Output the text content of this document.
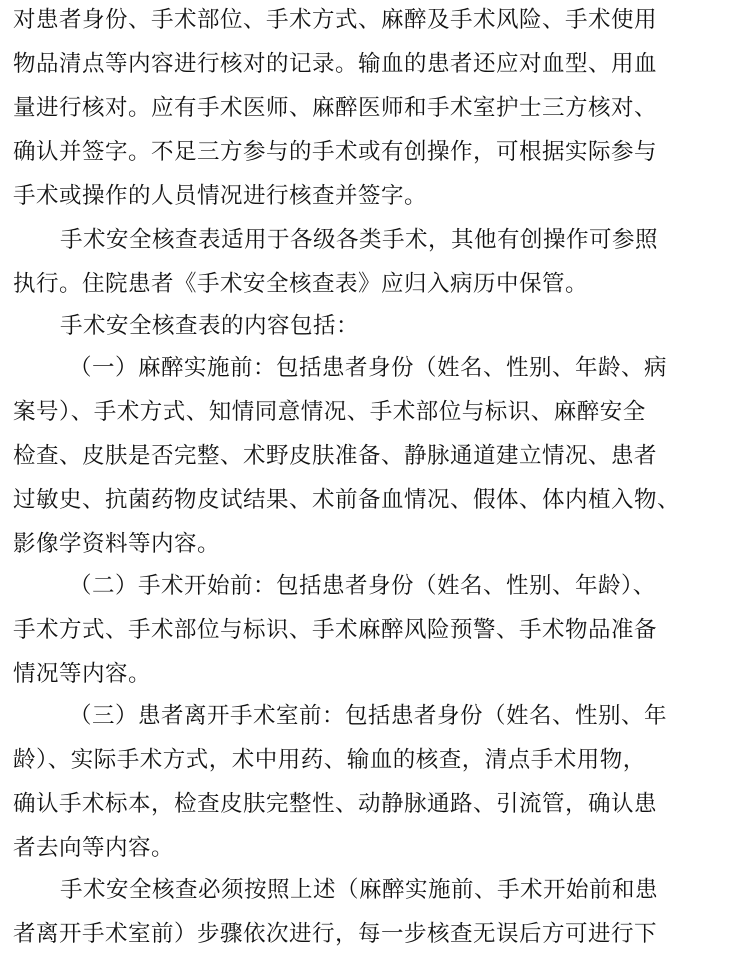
对患者身份、手术部位、手术方式、麻醉及手术风险、手术使用
物品清点等内容进行核对的记录。输血的患者还应对血型、用血
量进行核对。应有手术医师、麻醉医师和手术室护士三方核对、
确认并签字。不足三方参与的手术或有创操作，可根据实际参与
手术或操作的人员情况进行核查并签字。
手术安全核查表适用于各级各类手术，其他有创操作可参照
执行。住院患者《手术安全核查表》应归入病历中保管。
手术安全核查表的内容包括：
（一）麻醉实施前：包括患者身份（姓名、性别、年龄、病
案号）、手术方式、知情同意情况、手术部位与标识、麻醉安全
检查、皮肤是否完整、术野皮肤准备、静脉通道建立情况、患者
过敏史、抗菌药物皮试结果、术前备血情况、假体、体内植入物、
影像学资料等内容。
（二）手术开始前：包括患者身份（姓名、性别、年龄）、
手术方式、手术部位与标识、手术麻醉风险预警、手术物品准备
情况等内容。
（三）患者离开手术室前：包括患者身份（姓名、性别、年
龄）、实际手术方式，术中用药、输血的核查，清点手术用物，
确认手术标本，检查皮肤完整性、动静脉通路、引流管，确认患
者去向等内容。
手术安全核查必须按照上述（麻醉实施前、手术开始前和患
者离开手术室前）步骤依次进行，每一步核查无误后方可进行下
